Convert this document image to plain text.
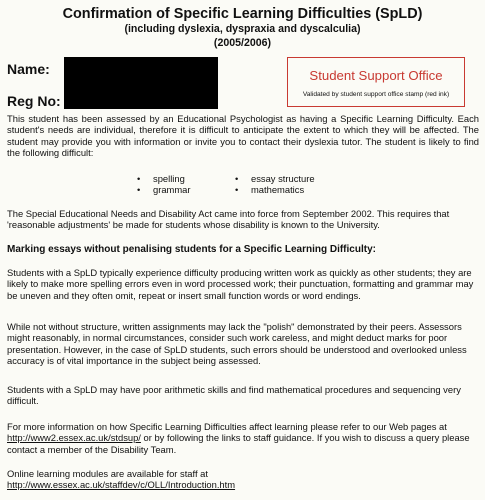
Confirmation of Specific Learning Difficulties (SpLD)
(including dyslexia, dyspraxia and dyscalculia)
(2005/2006)
Name:
Reg No:
Student Support Office
Validated by student support office stamp (red ink)
This student has been assessed by an Educational Psychologist as having a Specific Learning Difficulty. Each student's needs are individual, therefore it is difficult to anticipate the extent to which they will be affected. The student may provide you with information or invite you to contact their dyslexia tutor. The student is likely to find the following difficult:
• spelling
• grammar
• essay structure
• mathematics
The Special Educational Needs and Disability Act came into force from September 2002. This requires that 'reasonable adjustments' be made for students whose disability is known to the University.
Marking essays without penalising students for a Specific Learning Difficulty:
Students with a SpLD typically experience difficulty producing written work as quickly as other students; they are likely to make more spelling errors even in word processed work; their punctuation, formatting and grammar may be uneven and they often omit, repeat or insert small function words or word endings.
While not without structure, written assignments may lack the "polish" demonstrated by their peers. Assessors might reasonably, in normal circumstances, consider such work careless, and might deduct marks for poor presentation. However, in the case of SpLD students, such errors should be understood and overlooked unless accuracy is of vital importance in the subject being assessed.
Students with a SpLD may have poor arithmetic skills and find mathematical procedures and sequencing very difficult.
For more information on how Specific Learning Difficulties affect learning please refer to our Web pages at http://www2.essex.ac.uk/stdsup/ or by following the links to staff guidance. If you wish to discuss a query please contact a member of the Disability Team.
Online learning modules are available for staff at
http://www.essex.ac.uk/staffdev/c/OLL/Introduction.htm
